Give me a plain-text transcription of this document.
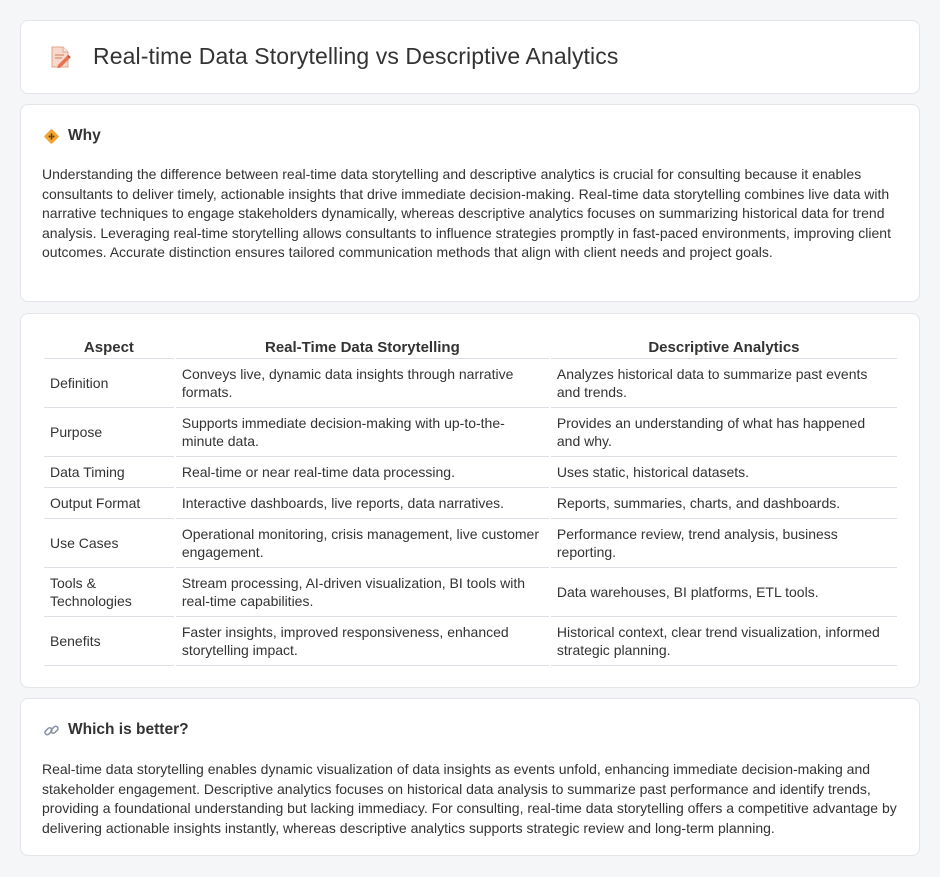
Real-time Data Storytelling vs Descriptive Analytics
Why

Understanding the difference between real-time data storytelling and descriptive analytics is crucial for consulting because it enables consultants to deliver timely, actionable insights that drive immediate decision-making. Real-time data storytelling combines live data with narrative techniques to engage stakeholders dynamically, whereas descriptive analytics focuses on summarizing historical data for trend analysis. Leveraging real-time storytelling allows consultants to influence strategies promptly in fast-paced environments, improving client outcomes. Accurate distinction ensures tailored communication methods that align with client needs and project goals.

Aspect	Real-Time Data Storytelling	Descriptive Analytics
Definition	Conveys live, dynamic data insights through narrative formats.	Analyzes historical data to summarize past events and trends.
Purpose	Supports immediate decision-making with up-to-the-minute data.	Provides an understanding of what has happened and why.
Data Timing	Real-time or near real-time data processing.	Uses static, historical datasets.
Output Format	Interactive dashboards, live reports, data narratives.	Reports, summaries, charts, and dashboards.
Use Cases	Operational monitoring, crisis management, live customer engagement.	Performance review, trend analysis, business reporting.
Tools & Technologies	Stream processing, AI-driven visualization, BI tools with real-time capabilities.	Data warehouses, BI platforms, ETL tools.
Benefits	Faster insights, improved responsiveness, enhanced storytelling impact.	Historical context, clear trend visualization, informed strategic planning.
Which is better?

Real-time data storytelling enables dynamic visualization of data insights as events unfold, enhancing immediate decision-making and stakeholder engagement. Descriptive analytics focuses on historical data analysis to summarize past performance and identify trends, providing a foundational understanding but lacking immediacy. For consulting, real-time data storytelling offers a competitive advantage by delivering actionable insights instantly, whereas descriptive analytics supports strategic review and long-term planning.
